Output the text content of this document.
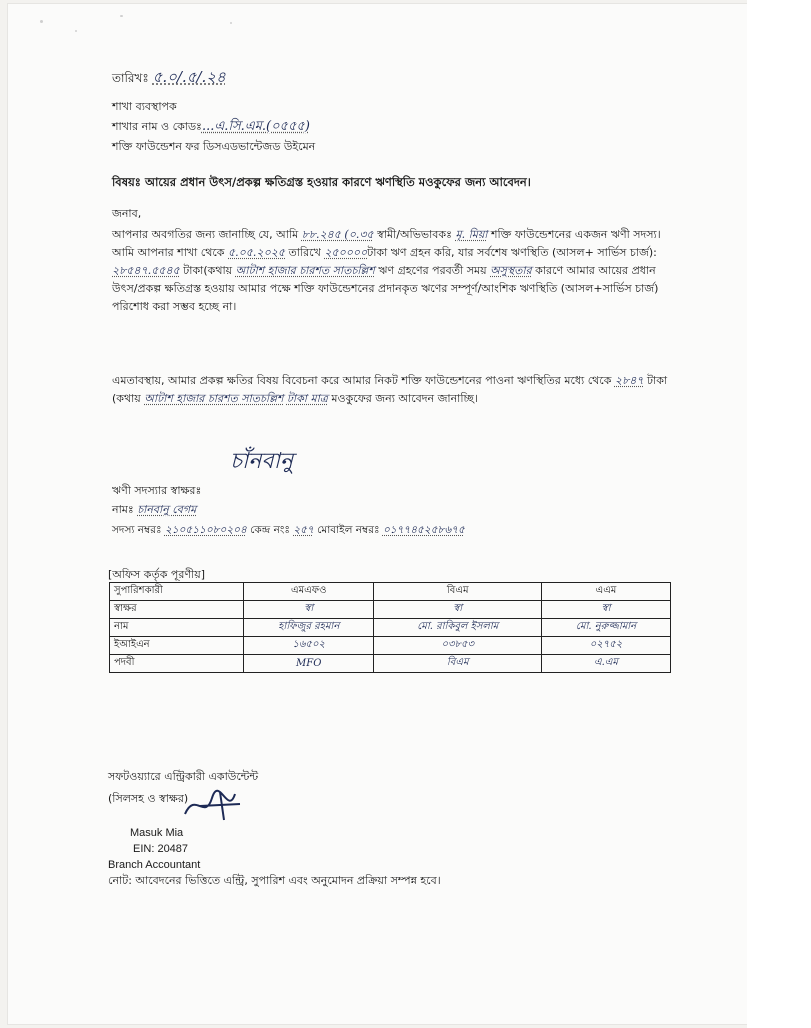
তারিখঃ ৫.০/.৫/.২৪
শাখা ব্যবস্থাপক
শাখার নাম ও কোডঃ...এ.সি.এম.(০৫৫৫)
শক্তি ফাউন্ডেশন ফর ডিসএডভান্টেজড উইমেন
বিষয়ঃ আয়ের প্রধান উৎস/প্রকল্প ক্ষতিগ্রস্ত হওয়ার কারণে ঋণস্থিতি মওকুফের জন্য আবেদন।
জনাব,
আপনার অবগতির জন্য জানাচ্ছি যে, আমি ৮৮.২৪৫ (০.৩৫ স্বামী/অভিভাবকঃ মৃ. মিয়া শক্তি ফাউন্ডেশনের একজন ঋণী সদস্য। আমি আপনার শাখা থেকে ৫.০৫.২০২৫ তারিখে ২৫০০০০টাকা ঋণ গ্রহন করি, যার সর্বশেষ ঋণস্থিতি (আসল+ সার্ভিস চার্জ): ২৮৫৪৭.৫৫৪৫ টাকা(কথায় আটাশ হাজার চারশত সাতচল্লিশ ঋণ গ্রহণের পরবর্তী সময় অসুস্থতার কারণে আমার আয়ের প্রধান উৎস/প্রকল্প ক্ষতিগ্রস্ত হওয়ায় আমার পক্ষে শক্তি ফাউন্ডেশনের প্রদানকৃত ঋণের সম্পূর্ণ/আংশিক ঋণস্থিতি (আসল+সার্ভিস চার্জ) পরিশোধ করা সম্ভব হচ্ছে না।
এমতাবস্থায়, আমার প্রকল্প ক্ষতির বিষয় বিবেচনা করে আমার নিকট শক্তি ফাউন্ডেশনের পাওনা ঋণস্থিতির মধ্যে থেকে ২৮৪৭ টাকা (কথায় আটাশ হাজার চারশত সাতচল্লিশ টাকা মাত্র মওকুফের জন্য আবেদন জানাচ্ছি।
চাঁনবানু
ঋণী সদস্যার স্বাক্ষরঃ
নামঃ চানবানু বেগম
সদস্য নম্বরঃ ২১০৫১১০৮০২০৪ কেন্দ্র নংঃ ২৫৭ মোবাইল নম্বরঃ ০১৭৭৪৫২৫৮৬৭৫
[অফিস কর্তৃক পূরণীয়]
সুপারিশকারী	এমএফও	বিএম	এএম
স্বাক্ষর	স্বা	স্বা	স্বা
নাম	হাফিজুর রহমান	মো. রাকিবুল ইসলাম	মো. নুরুজ্জামান
ইআইএন	১৬৫০২	০৩৮৫৩	০২৭৫২
পদবী	MFO	বিএম	এ.এম
সফটওয়্যারে এন্ট্রিকারী একাউন্টেন্ট
(সিলসহ ও স্বাক্ষর)
Masuk Mia
EIN: 20487
Branch Accountant
নোট: আবেদনের ভিত্তিতে এন্ট্রি, সুপারিশ এবং অনুমোদন প্রক্রিয়া সম্পন্ন হবে।
